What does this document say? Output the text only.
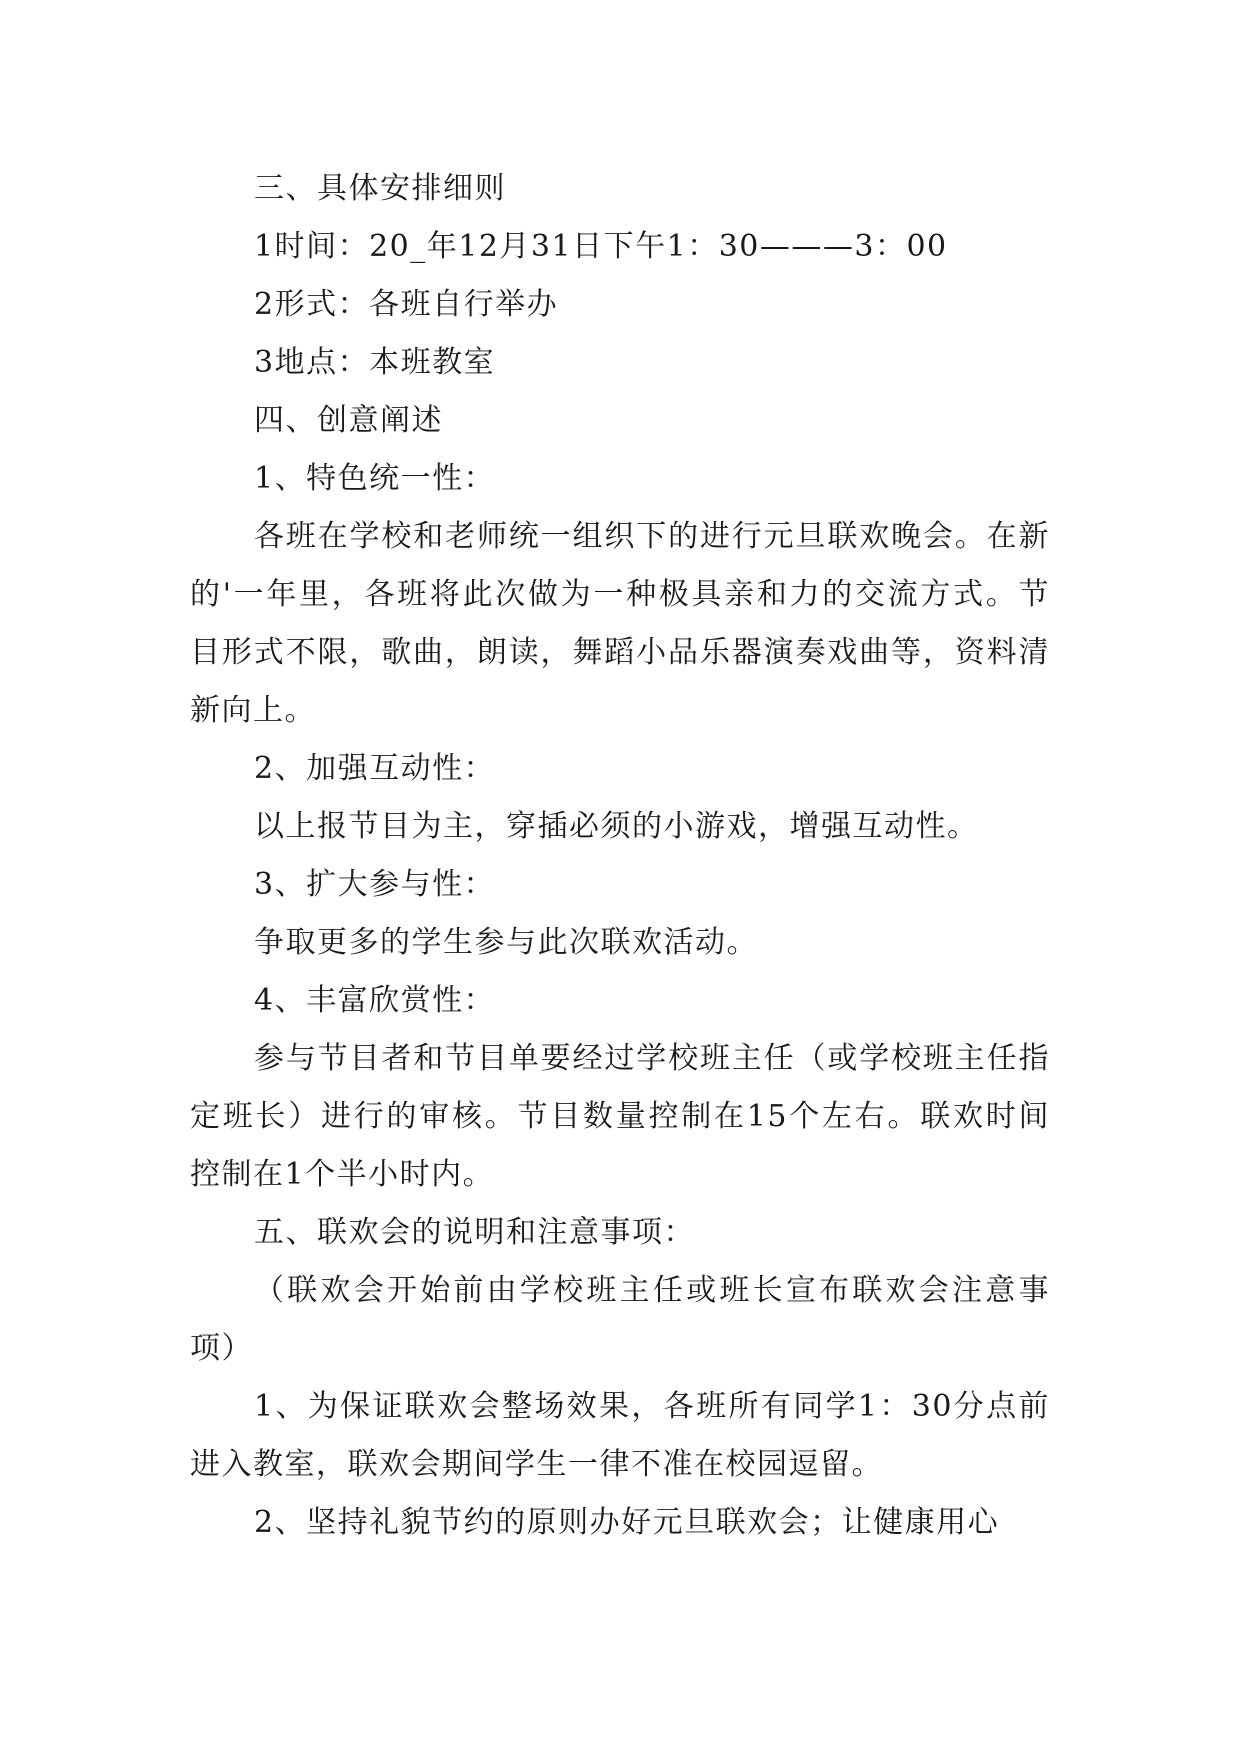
三、具体安排细则

1时间：20_年12月31日下午1：30———3：00

2形式：各班自行举办

3地点：本班教室

四、创意阐述

1、特色统一性：

各班在学校和老师统一组织下的进行元旦联欢晚会。在新的'一年里，各班将此次做为一种极具亲和力的交流方式。节目形式不限，歌曲，朗读，舞蹈小品乐器演奏戏曲等，资料清新向上。

2、加强互动性：

以上报节目为主，穿插必须的小游戏，增强互动性。

3、扩大参与性：

争取更多的学生参与此次联欢活动。

4、丰富欣赏性：

参与节目者和节目单要经过学校班主任（或学校班主任指定班长）进行的审核。节目数量控制在15个左右。联欢时间控制在1个半小时内。

五、联欢会的说明和注意事项：

（联欢会开始前由学校班主任或班长宣布联欢会注意事项）

1、为保证联欢会整场效果，各班所有同学1：30分点前进入教室，联欢会期间学生一律不准在校园逗留。

2、坚持礼貌节约的原则办好元旦联欢会；让健康用心
